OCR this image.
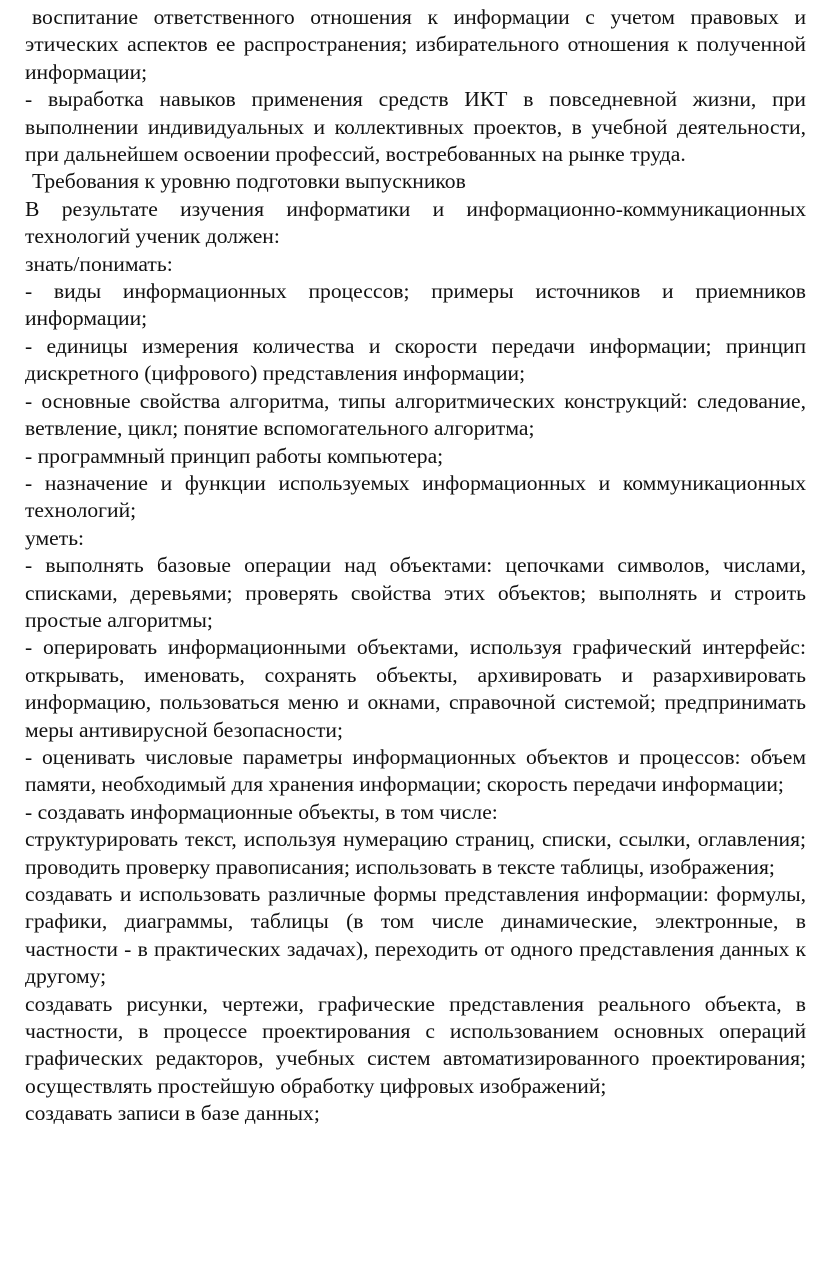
воспитание ответственного отношения к информации с учетом правовых и этических аспектов ее распространения; избирательного отношения к полученной информации;

- выработка навыков применения средств ИКТ в повседневной жизни, при выполнении индивидуальных и коллективных проектов, в учебной деятельности, при дальнейшем освоении профессий, востребованных на рынке труда.

Требования к уровню подготовки выпускников

В результате изучения информатики и информационно-коммуникационных технологий ученик должен:

знать/понимать:

- виды информационных процессов; примеры источников и приемников информации;

- единицы измерения количества и скорости передачи информации; принцип дискретного (цифрового) представления информации;

- основные свойства алгоритма, типы алгоритмических конструкций: следование, ветвление, цикл; понятие вспомогательного алгоритма;

- программный принцип работы компьютера;

- назначение и функции используемых информационных и коммуникационных технологий;

уметь:

- выполнять базовые операции над объектами: цепочками символов, числами, списками, деревьями; проверять свойства этих объектов; выполнять и строить простые алгоритмы;

- оперировать информационными объектами, используя графический интерфейс: открывать, именовать, сохранять объекты, архивировать и разархивировать информацию, пользоваться меню и окнами, справочной системой; предпринимать меры антивирусной безопасности;

- оценивать числовые параметры информационных объектов и процессов: объем памяти, необходимый для хранения информации; скорость передачи информации;

- создавать информационные объекты, в том числе:

структурировать текст, используя нумерацию страниц, списки, ссылки, оглавления; проводить проверку правописания; использовать в тексте таблицы, изображения;

создавать и использовать различные формы представления информации: формулы, графики, диаграммы, таблицы (в том числе динамические, электронные, в частности - в практических задачах), переходить от одного представления данных к другому;

создавать рисунки, чертежи, графические представления реального объекта, в частности, в процессе проектирования с использованием основных операций графических редакторов, учебных систем автоматизированного проектирования; осуществлять простейшую обработку цифровых изображений;

создавать записи в базе данных;
